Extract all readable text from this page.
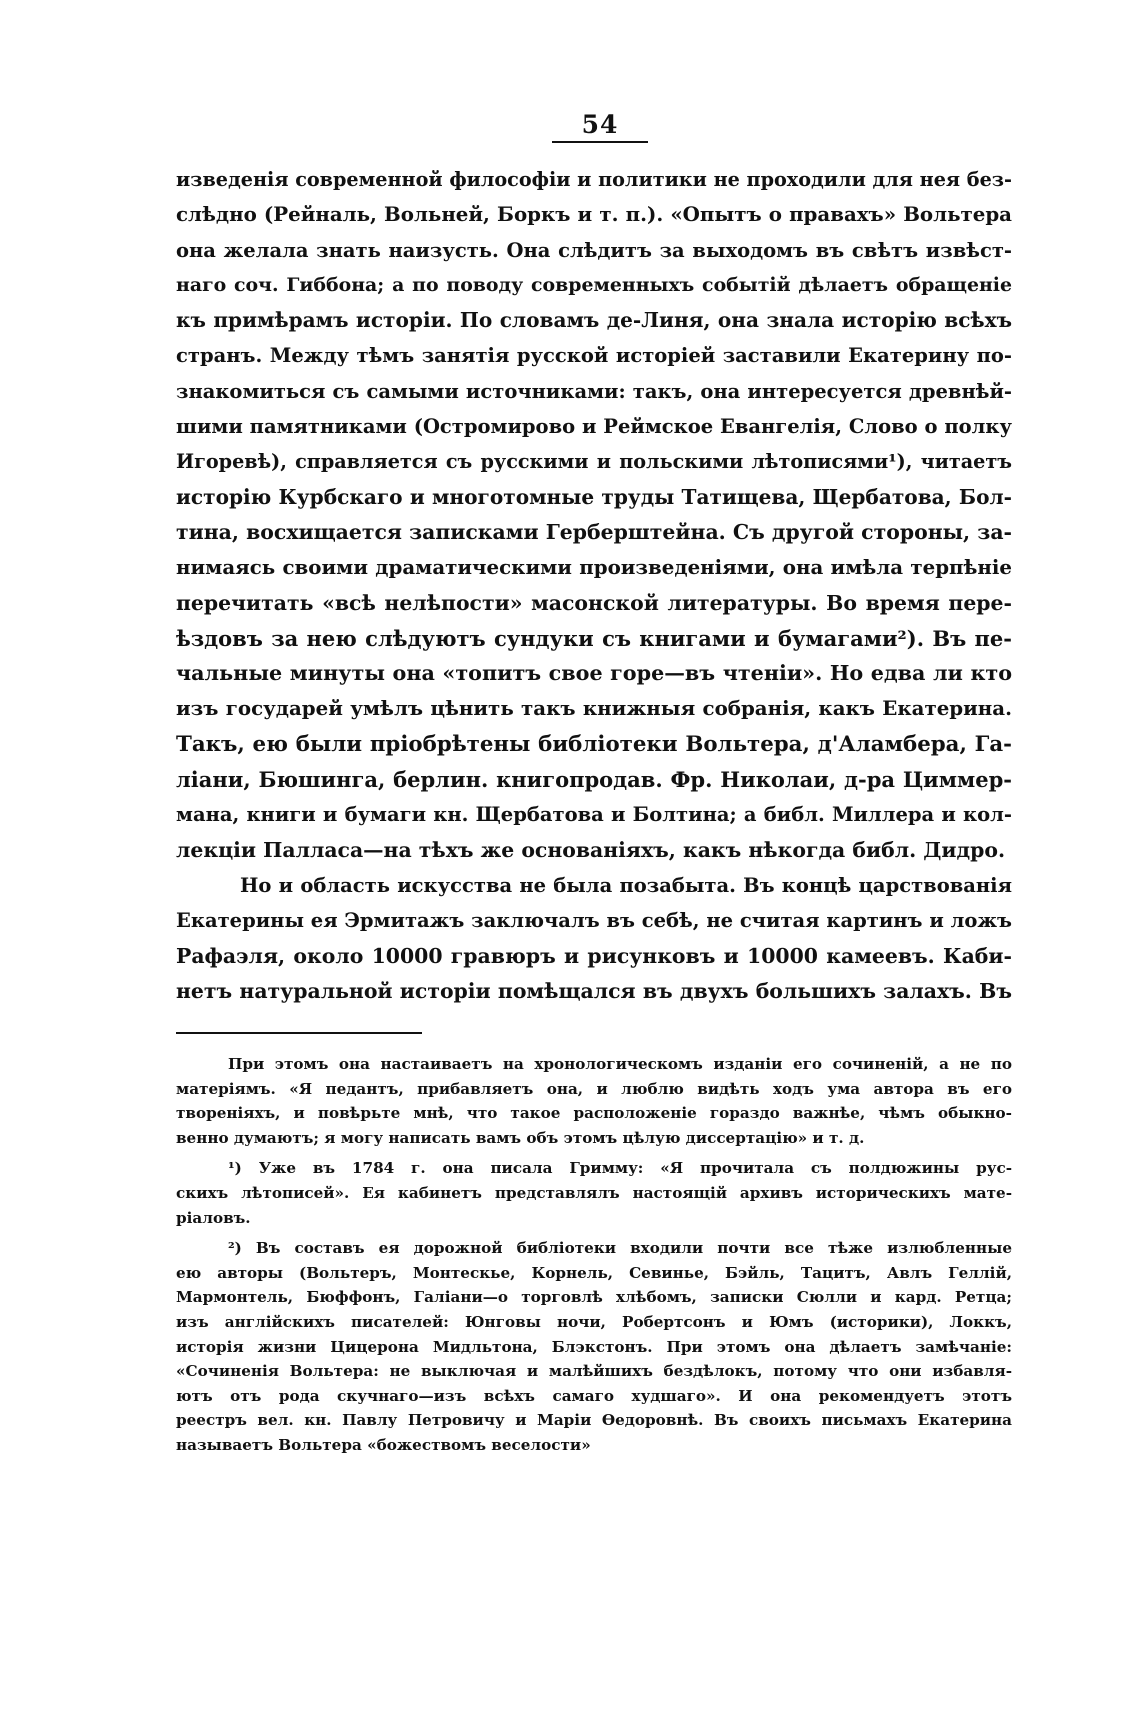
54
изведенія современной философіи и политики не проходили для нея без-
слѣдно (Рейналь, Вольней, Боркъ и т. п.). «Опытъ о правахъ» Вольтера
она желала знать наизусть. Она слѣдитъ за выходомъ въ свѣтъ извѣст-
наго соч. Гиббона; а по поводу современныхъ событій дѣлаетъ обращеніе
къ примѣрамъ исторіи. По словамъ де-Линя, она знала исторію всѣхъ
странъ. Между тѣмъ занятія русской исторіей заставили Екатерину по-
знакомиться съ самыми источниками: такъ, она интересуется древнѣй-
шими памятниками (Остромирово и Реймское Евангелія, Слово о полку
Игоревѣ), справляется съ русскими и польскими лѣтописями¹), читаетъ
исторію Курбскаго и многотомные труды Татищева, Щербатова, Бол-
тина, восхищается записками Герберштейна. Съ другой стороны, за-
нимаясь своими драматическими произведеніями, она имѣла терпѣніе
перечитать «всѣ нелѣпости» масонской литературы. Во время пере-
ѣздовъ за нею слѣдуютъ сундуки съ книгами и бумагами²). Въ пе-
чальные минуты она «топитъ свое горе—въ чтеніи». Но едва ли кто
изъ государей умѣлъ цѣнить такъ книжныя собранія, какъ Екатерина.
Такъ, ею были пріобрѣтены библіотеки Вольтера, д'Аламбера, Га-
ліани, Бюшинга, берлин. книгопродав. Фр. Николаи, д-ра Циммер-
мана, книги и бумаги кн. Щербатова и Болтина; а библ. Миллера и кол-
лекціи Палласа—на тѣхъ же основаніяхъ, какъ нѣкогда библ. Дидро.
Но и область искусства не была позабыта. Въ концѣ царствованія
Екатерины ея Эрмитажъ заключалъ въ себѣ, не считая картинъ и ложъ
Рафаэля, около 10000 гравюръ и рисунковъ и 10000 камеевъ. Каби-
нетъ натуральной исторіи помѣщался въ двухъ большихъ залахъ. Въ
При этомъ она настаиваетъ на хронологическомъ изданіи его сочиненій, а не по
матеріямъ. «Я педантъ, прибавляетъ она, и люблю видѣть ходъ ума автора въ его
твореніяхъ, и повѣрьте мнѣ, что такое расположеніе гораздо важнѣе, чѣмъ обыкно-
венно думаютъ; я могу написать вамъ объ этомъ цѣлую диссертацію» и т. д.
¹) Уже въ 1784 г. она писала Гримму: «Я прочитала съ полдюжины рус-
скихъ лѣтописей». Ея кабинетъ представлялъ настоящій архивъ историческихъ мате-
ріаловъ.
²) Въ составъ ея дорожной библіотеки входили почти все тѣже излюбленные
ею авторы (Вольтеръ, Монтескье, Корнель, Севинье, Бэйль, Тацитъ, Авлъ Геллій,
Мармонтель, Бюффонъ, Галіани—о торговлѣ хлѣбомъ, записки Сюлли и кард. Ретца;
изъ англійскихъ писателей: Юнговы ночи, Робертсонъ и Юмъ (историки), Локкъ,
исторія жизни Цицерона Мидльтона, Блэкстонъ. При этомъ она дѣлаетъ замѣчаніе:
«Сочиненія Вольтера: не выключая и малѣйшихъ бездѣлокъ, потому что они избавля-
ютъ отъ рода скучнаго—изъ всѣхъ самаго худшаго». И она рекомендуетъ этотъ
реестръ вел. кн. Павлу Петровичу и Маріи Ѳедоровнѣ. Въ своихъ письмахъ Екатерина
называетъ Вольтера «божествомъ веселости»
